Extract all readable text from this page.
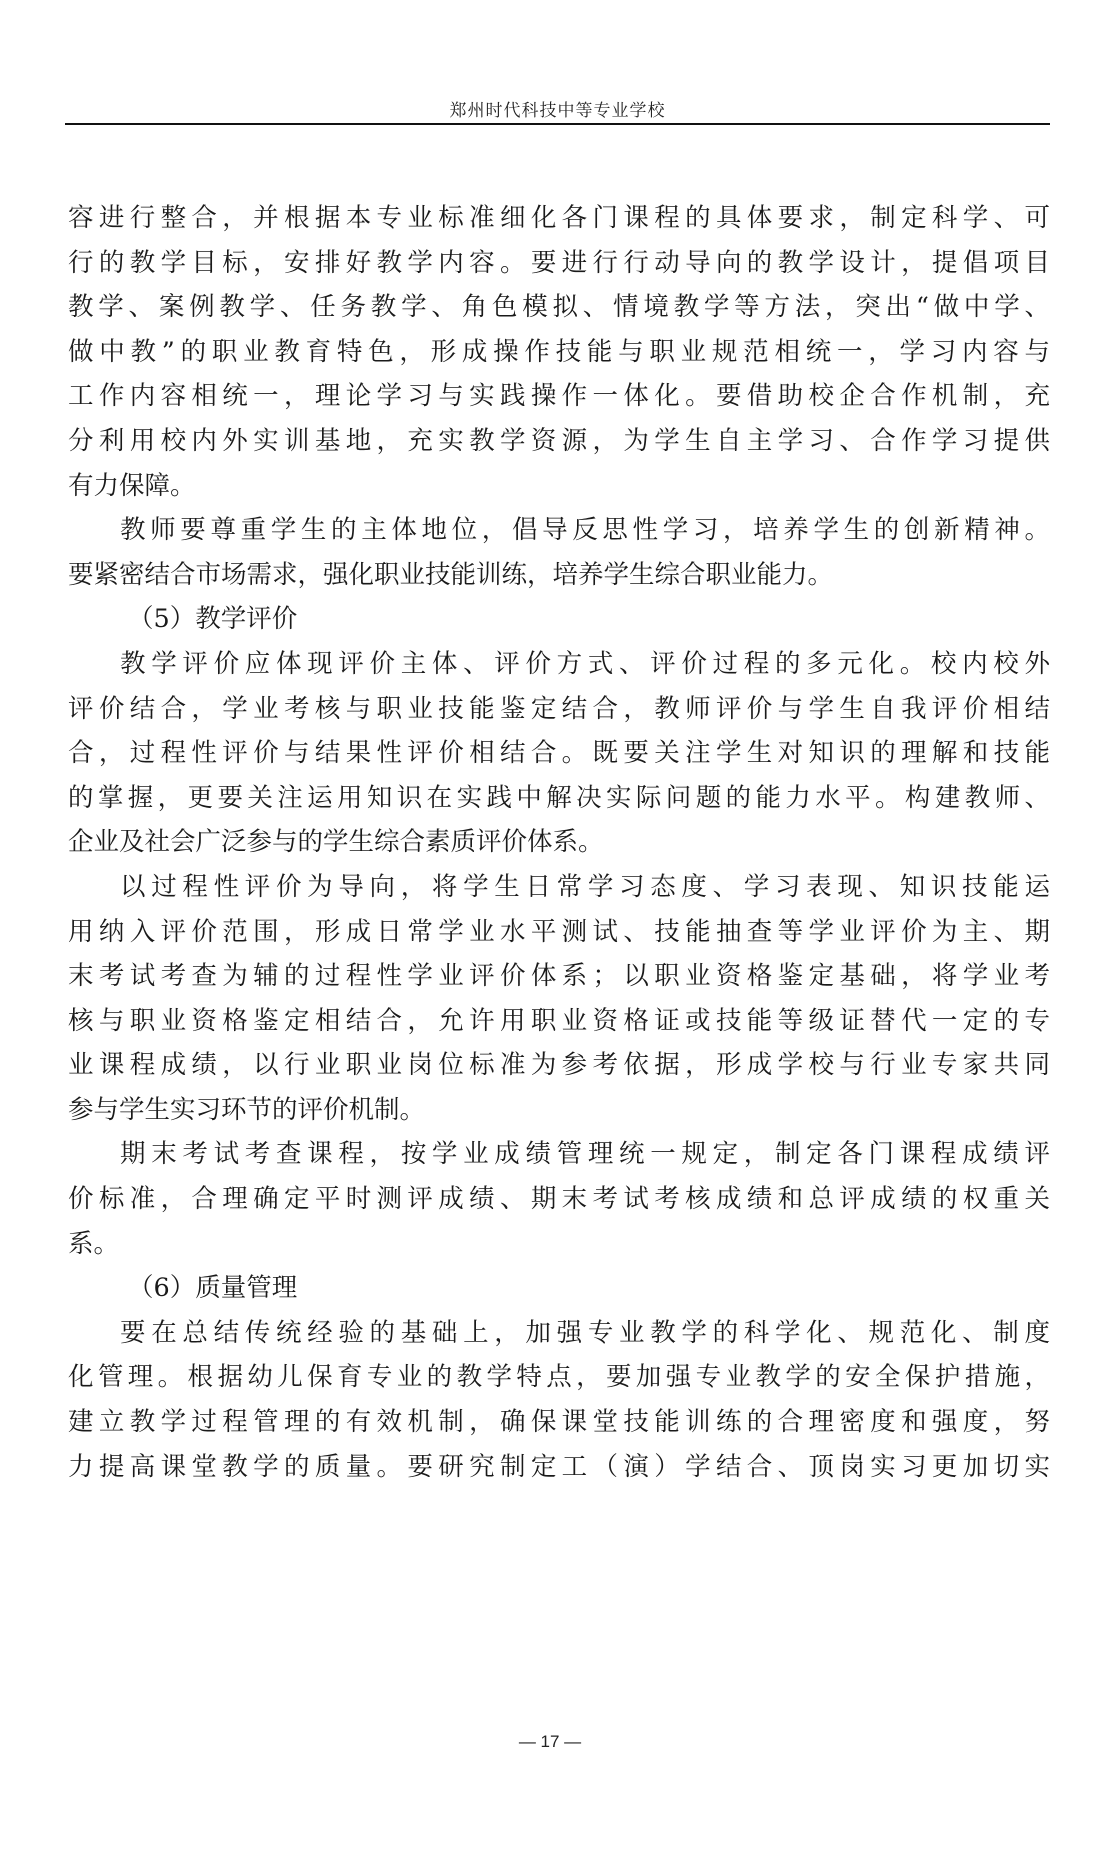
郑州时代科技中等专业学校
容进行整合，并根据本专业标准细化各门课程的具体要求，制定科学、可
行的教学目标，安排好教学内容。要进行行动导向的教学设计，提倡项目
教学、案例教学、任务教学、角色模拟、情境教学等方法，突出“做中学、
做中教”的职业教育特色，形成操作技能与职业规范相统一，学习内容与
工作内容相统一，理论学习与实践操作一体化。要借助校企合作机制，充
分利用校内外实训基地，充实教学资源，为学生自主学习、合作学习提供
有力保障。
教师要尊重学生的主体地位，倡导反思性学习，培养学生的创新精神。
要紧密结合市场需求，强化职业技能训练，培养学生综合职业能力。
（5）教学评价
教学评价应体现评价主体、评价方式、评价过程的多元化。校内校外
评价结合，学业考核与职业技能鉴定结合，教师评价与学生自我评价相结
合，过程性评价与结果性评价相结合。既要关注学生对知识的理解和技能
的掌握，更要关注运用知识在实践中解决实际问题的能力水平。构建教师、
企业及社会广泛参与的学生综合素质评价体系。
以过程性评价为导向，将学生日常学习态度、学习表现、知识技能运
用纳入评价范围，形成日常学业水平测试、技能抽查等学业评价为主、期
末考试考查为辅的过程性学业评价体系；以职业资格鉴定基础，将学业考
核与职业资格鉴定相结合，允许用职业资格证或技能等级证替代一定的专
业课程成绩，以行业职业岗位标准为参考依据，形成学校与行业专家共同
参与学生实习环节的评价机制。
期末考试考查课程，按学业成绩管理统一规定，制定各门课程成绩评
价标准，合理确定平时测评成绩、期末考试考核成绩和总评成绩的权重关
系。
（6）质量管理
要在总结传统经验的基础上，加强专业教学的科学化、规范化、制度
化管理。根据幼儿保育专业的教学特点，要加强专业教学的安全保护措施，
建立教学过程管理的有效机制，确保课堂技能训练的合理密度和强度，努
力提高课堂教学的质量。要研究制定工（演）学结合、顶岗实习更加切实
— 17 —
